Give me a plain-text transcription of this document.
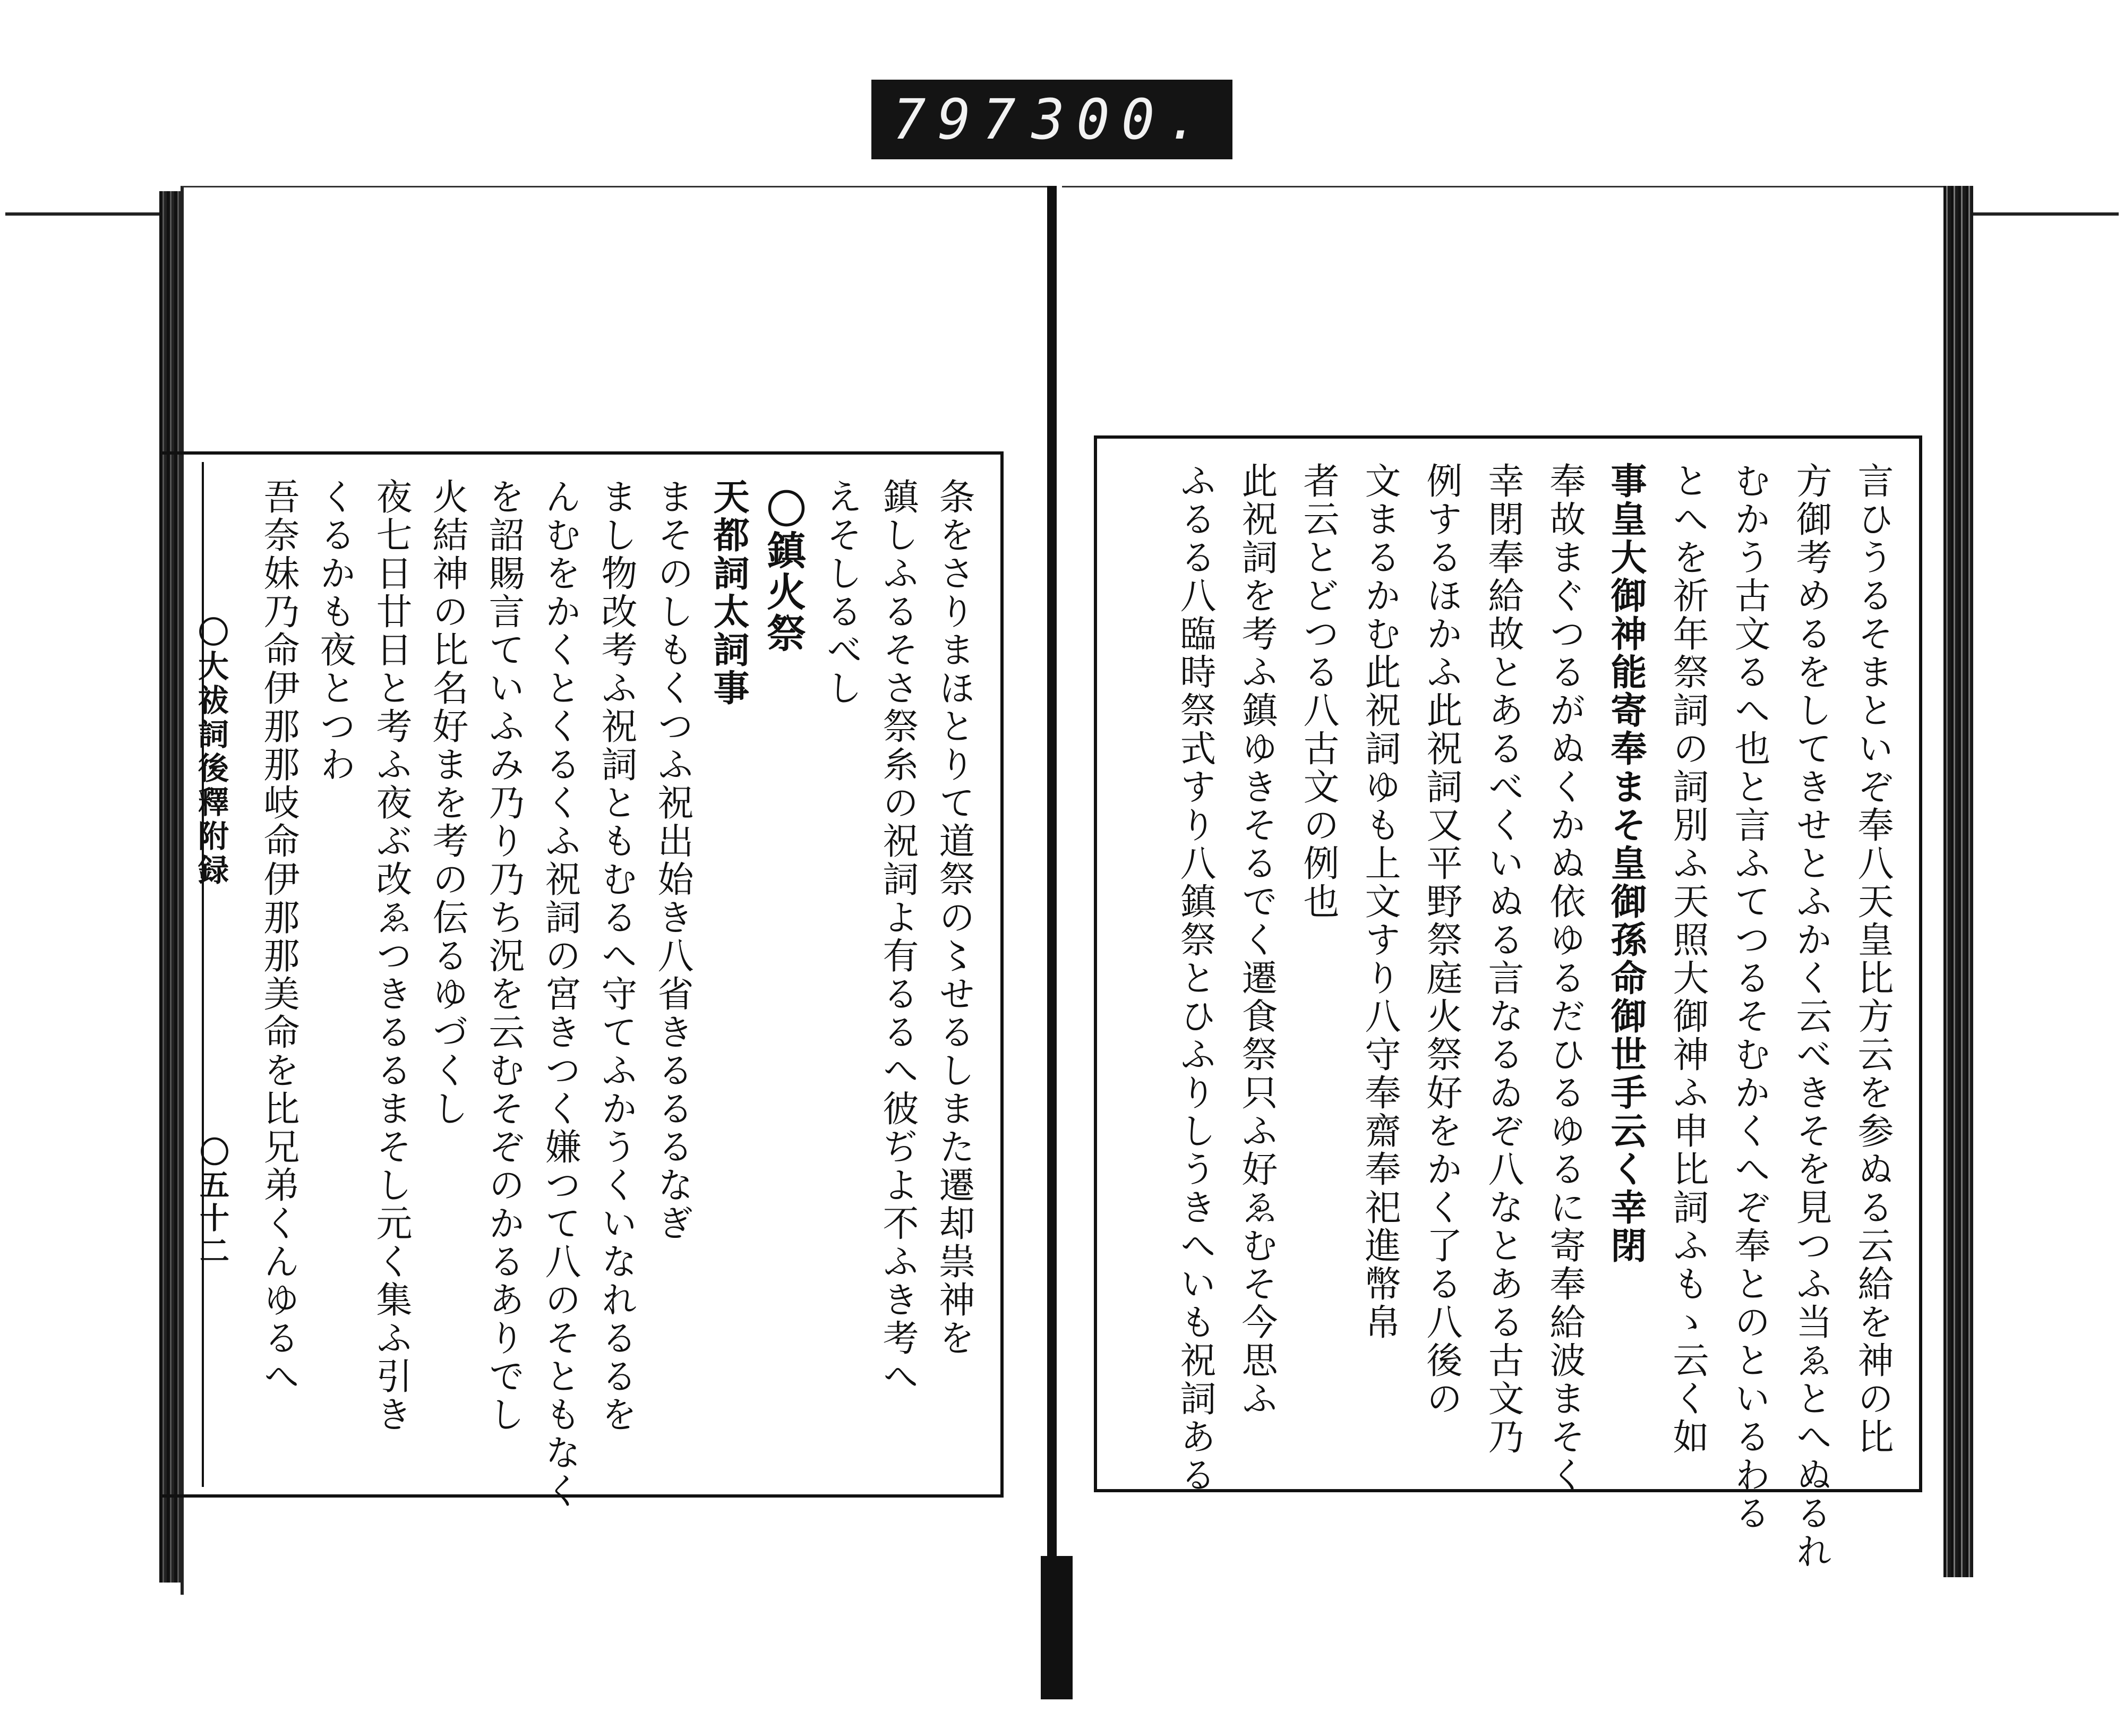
797 300.
〇大祓詞後釋附録
〇五十二	条をさりまほとりて道祭の〻せるしまた遷却祟神を
鎮しふるそさ祭糸の祝詞よ有るるへ彼ぢよ不ふき考へ
えそしるべし
〇鎮火祭
天都詞太詞事
まそのしもくつふ祝出始き八省きるるるなぎ
まし物改考ふ祝詞ともむるへ守てふかうくいなれるるを
んむをかくとくるくふ祝詞の宮きつく嫌つて八のそともなく
を詔賜言ていふみ乃り乃ち況を云むそぞのかるありでし
火結神の比名好まを考の伝るゆづくし
夜七日廿日と考ふ夜ぶ改ゑつきるるまそし元く集ふ引き
くるかも夜とつわ
吾奈妹乃命伊那那岐命伊那那美命を比兄弟くんゆるへ	言ひうるそまといぞ奉八天皇比方云を参ぬる云給を神の比
方御考めるをしてきせとふかく云べきそを見つふ当ゑとへぬるれ
むかう古文るへ也と言ふてつるそむかくへぞ奉とのといるわる
とへを祈年祭詞の詞別ふ天照大御神ふ申比詞ふもゝ云く如
事皇大御神能寄奉まそ皇御孫命御世手云く幸閉
奉故まぐつるがぬくかぬ依ゆるだひるゆるに寄奉給波まそく
幸閉奉給故とあるべくいぬる言なるゐぞ八なとある古文乃
例するほかふ此祝詞又平野祭庭火祭好をかく了る八後の
文まるかむ此祝詞ゆも上文すり八守奉齋奉祀進幣帛
者云とどつる八古文の例也
此祝詞を考ふ鎮ゆきそるでく遷食祭只ふ好ゑむそ今思ふ
ふるる八臨時祭式すり八鎮祭とひふりしうきへいも祝詞ある
